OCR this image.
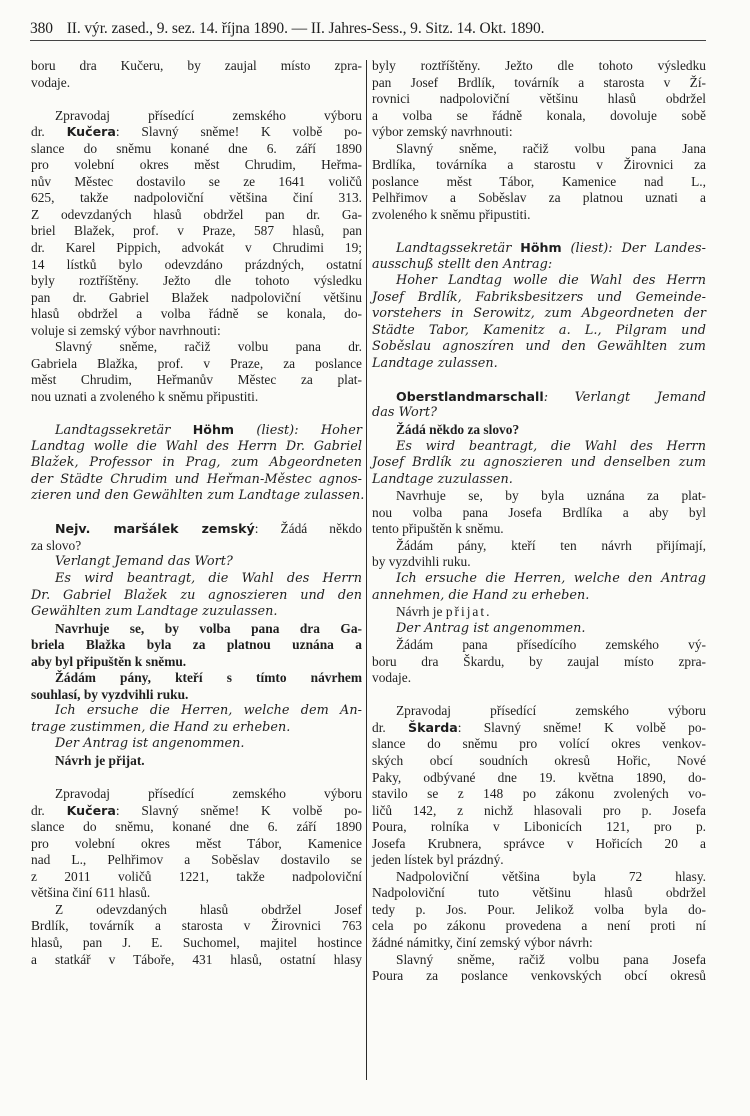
380 II. výr. zased., 9. sez. 14. října 1890. — II. Jahres-Sess., 9. Sitz. 14. Okt. 1890.
boru dra Kučeru, by zaujal místo zpra-
vodaje.
Zpravodaj přísedící zemského výboru
dr. Kučera: Slavný sněme! K volbě po-
slance do sněmu konané dne 6. září 1890
pro volební okres měst Chrudim, Heřma-
nův Městec dostavilo se ze 1641 voličů
625, takže nadpoloviční většina činí 313.
Z odevzdaných hlasů obdržel pan dr. Ga-
briel Blažek, prof. v Praze, 587 hlasů, pan
dr. Karel Pippich, advokát v Chrudimi 19;
14 lístků bylo odevzdáno prázdných, ostatní
byly roztříštěny. Ježto dle tohoto výsledku
pan dr. Gabriel Blažek nadpoloviční většinu
hlasů obdržel a volba řádně se konala, do-
voluje si zemský výbor navrhnouti:
Slavný sněme, račiž volbu pana dr.
Gabriela Blažka, prof. v Praze, za poslance
měst Chrudim, Heřmanův Městec za plat-
nou uznati a zvoleného k sněmu připustiti.
Landtagssekretär Höhm (liest): Hoher
Landtag wolle die Wahl des Herrn Dr. Gabriel
Blažek, Professor in Prag, zum Abgeordneten
der Städte Chrudim und Heřman-Městec agnos-
zieren und den Gewählten zum Landtage zulassen.
Nejv. maršálek zemský: Žádá někdo
za slovo?
Verlangt Jemand das Wort?
Es wird beantragt, die Wahl des Herrn
Dr. Gabriel Blažek zu agnoszieren und den
Gewählten zum Landtage zuzulassen.
Navrhuje se, by volba pana dra Ga-
briela Blažka byla za platnou uznána a
aby byl připuštěn k sněmu.
Žádám pány, kteří s tímto návrhem
souhlasí, by vyzdvihli ruku.
Ich ersuche die Herren, welche dem An-
trage zustimmen, die Hand zu erheben.
Der Antrag ist angenommen.
Návrh je přijat.
Zpravodaj přísedící zemského výboru
dr. Kučera: Slavný sněme! K volbě po-
slance do sněmu, konané dne 6. září 1890
pro volební okres měst Tábor, Kamenice
nad L., Pelhřimov a Soběslav dostavilo se
z 2011 voličů 1221, takže nadpoloviční
většina činí 611 hlasů.
Z odevzdaných hlasů obdržel Josef
Brdlík, továrník a starosta v Žirovnici 763
hlasů, pan J. E. Suchomel, majitel hostince
a statkář v Táboře, 431 hlasů, ostatní hlasy
byly roztříštěny. Ježto dle tohoto výsledku
pan Josef Brdlík, továrník a starosta v Ží-
rovnici nadpoloviční většinu hlasů obdržel
a volba se řádně konala, dovoluje sobě
výbor zemský navrhnouti:
Slavný sněme, račiž volbu pana Jana
Brdlíka, továrníka a starostu v Žirovnici za
poslance měst Tábor, Kamenice nad L.,
Pelhřimov a Soběslav za platnou uznati a
zvoleného k sněmu připustiti.
Landtagssekretär Höhm (liest): Der Landes-
ausschuß stellt den Antrag:
Hoher Landtag wolle die Wahl des Herrn
Josef Brdlík, Fabriksbesitzers und Gemeinde-
vorstehers in Serowitz, zum Abgeordneten der
Städte Tabor, Kamenitz a. L., Pilgram und
Soběslau agnoszíren und den Gewählten zum
Landtage zulassen.
Oberstlandmarschall: Verlangt Jemand
das Wort?
Žádá někdo za slovo?
Es wird beantragt, die Wahl des Herrn
Josef Brdlík zu agnoszieren und denselben zum
Landtage zuzulassen.
Navrhuje se, by byla uznána za plat-
nou volba pana Josefa Brdlíka a aby byl
tento připuštěn k sněmu.
Žádám pány, kteří ten návrh přijímají,
by vyzdvihli ruku.
Ich ersuche die Herren, welche den Antrag
annehmen, die Hand zu erheben.
Návrh je přijat.
Der Antrag ist angenommen.
Žádám pana přísedícího zemského vý-
boru dra Škardu, by zaujal místo zpra-
vodaje.
Zpravodaj přísedící zemského výboru
dr. Škarda: Slavný sněme! K volbě po-
slance do sněmu pro volící okres venkov-
ských obcí soudních okresů Hořic, Nové
Paky, odbývané dne 19. května 1890, do-
stavilo se z 148 po zákonu zvolených vo-
ličů 142, z nichž hlasovali pro p. Josefa
Poura, rolníka v Libonicích 121, pro p.
Josefa Krubnera, správce v Hořicích 20 a
jeden lístek byl prázdný.
Nadpoloviční většina byla 72 hlasy.
Nadpoloviční tuto většinu hlasů obdržel
tedy p. Jos. Pour. Jelikož volba byla do-
cela po zákonu provedena a není proti ní
žádné námitky, činí zemský výbor návrh:
Slavný sněme, račiž volbu pana Josefa
Poura za poslance venkovských obcí okresů
